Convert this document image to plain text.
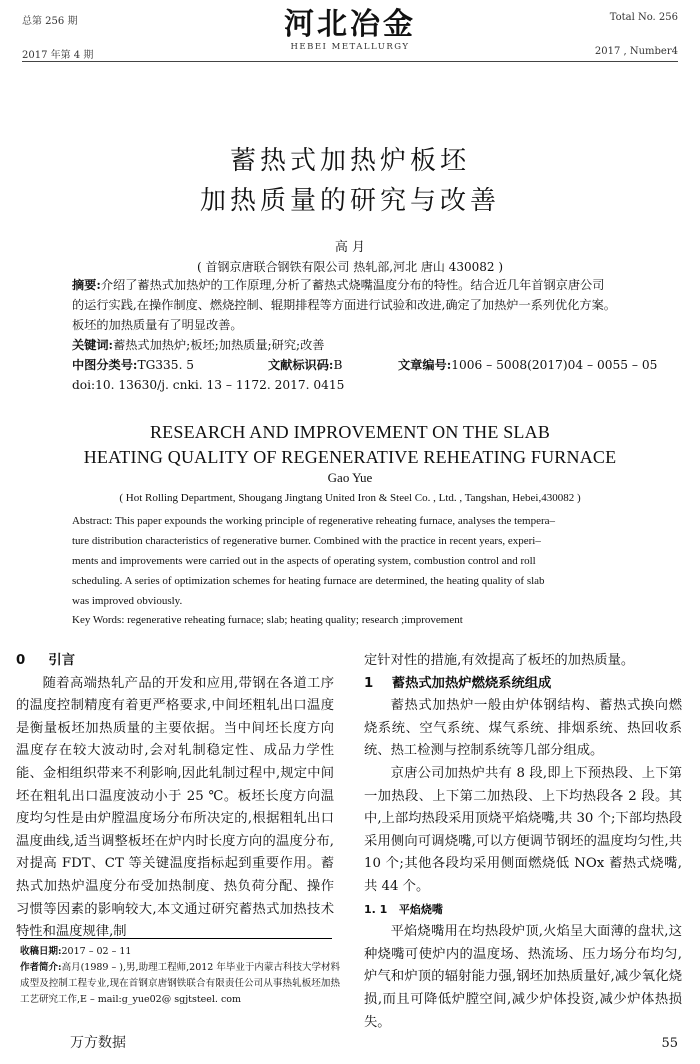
总第 256 期
2017 年第 4 期
河北冶金
HEBEI METALLURGY
Total No. 256
2017 , Number4
蓄热式加热炉板坯
加热质量的研究与改善
高 月
( 首钢京唐联合钢铁有限公司 热轧部,河北 唐山 430082 )
摘要:介绍了蓄热式加热炉的工作原理,分析了蓄热式烧嘴温度分布的特性。结合近几年首钢京唐公司
的运行实践,在操作制度、燃烧控制、辊期排程等方面进行试验和改进,确定了加热炉一系列优化方案。
板坯的加热质量有了明显改善。
关键词:蓄热式加热炉;板坯;加热质量;研究;改善
中图分类号:TG335. 5	文献标识码:B	文章编号:1006 – 5008(2017)04 – 0055 – 05
doi:10. 13630/j. cnki. 13 – 1172. 2017. 0415
RESEARCH AND IMPROVEMENT ON THE SLAB
HEATING QUALITY OF REGENERATIVE REHEATING FURNACE
Gao Yue
( Hot Rolling Department, Shougang Jingtang United Iron & Steel Co. , Ltd. , Tangshan, Hebei,430082 )
Abstract: This paper expounds the working principle of regenerative reheating furnace, analyses the tempera–
ture distribution characteristics of regenerative burner. Combined with the practice in recent years, experi–
ments and improvements were carried out in the aspects of operating system, combustion control and roll
scheduling. A series of optimization schemes for heating furnace are determined, the heating quality of slab
was improved obviously.
Key Words: regenerative reheating furnace; slab; heating quality; research ;improvement
0 引言

随着高端热轧产品的开发和应用,带钢在各道工序的温度控制精度有着更严格要求,中间坯粗轧出口温度是衡量板坯加热质量的主要依据。当中间坯长度方向温度存在较大波动时,会对轧制稳定性、成品力学性能、金相组织带来不利影响,因此轧制过程中,规定中间坯在粗轧出口温度波动小于 25 ℃。板坯长度方向温度均匀性是由炉膛温度场分布所决定的,根据粗轧出口温度曲线,适当调整板坯在炉内时长度方向的温度分布,对提高 FDT、CT 等关键温度指标起到重要作用。蓄热式加热炉温度分布受加热制度、热负荷分配、操作习惯等因素的影响较大,本文通过研究蓄热式加热技术特性和温度规律,制

收稿日期:2017 – 02 – 11
作者简介:高月(1989 – ),男,助理工程师,2012 年毕业于内蒙古科技大学材料成型及控制工程专业,现在首钢京唐钢铁联合有限责任公司从事热轧板坯加热工艺研究工作,E – mail:g_yue02@ sgjtsteel. com
万方数据

定针对性的措施,有效提高了板坯的加热质量。

1 蓄热式加热炉燃烧系统组成

蓄热式加热炉一般由炉体钢结构、蓄热式换向燃烧系统、空气系统、煤气系统、排烟系统、热回收系统、热工检测与控制系统等几部分组成。

京唐公司加热炉共有 8 段,即上下预热段、上下第一加热段、上下第二加热段、上下均热段各 2 段。其中,上部均热段采用顶烧平焰烧嘴,共 30 个;下部均热段采用侧向可调烧嘴,可以方便调节钢坯的温度均匀性,共 10 个;其他各段均采用侧面燃烧低 NOx 蓄热式烧嘴,共 44 个。

1. 1 平焰烧嘴

平焰烧嘴用在均热段炉顶,火焰呈大面薄的盘状,这种烧嘴可使炉内的温度场、热流场、压力场分布均匀,炉气和炉顶的辐射能力强,钢坯加热质量好,减少氧化烧损,而且可降低炉膛空间,减少炉体投资,减少炉体热损失。

55
